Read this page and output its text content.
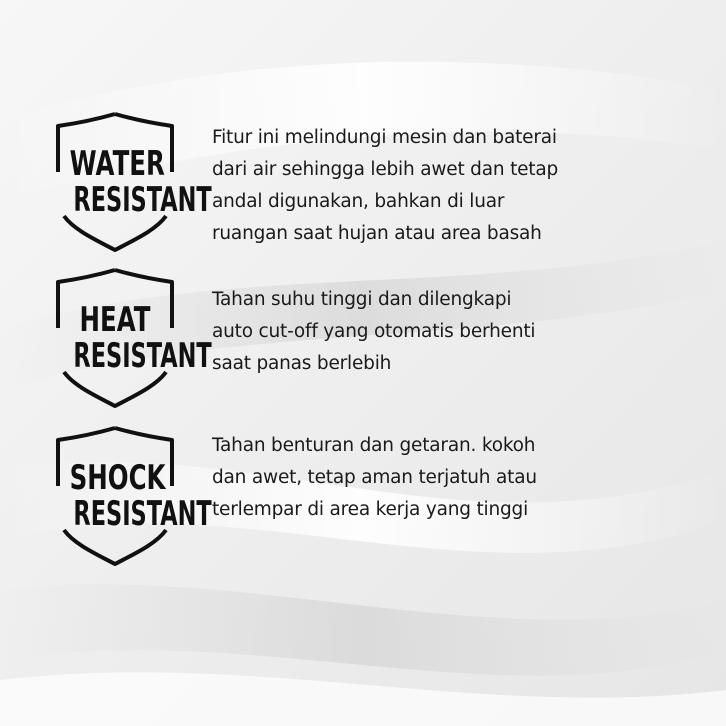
WATER
RESISTANT
Fitur ini melindungi mesin dan baterai
dari air sehingga lebih awet dan tetap
andal digunakan, bahkan di luar
ruangan saat hujan atau area basah
HEAT
RESISTANT
Tahan suhu tinggi dan dilengkapi
auto cut-off yang otomatis berhenti
saat panas berlebih
SHOCK
RESISTANT
Tahan benturan dan getaran. kokoh
dan awet, tetap aman terjatuh atau
terlempar di area kerja yang tinggi
